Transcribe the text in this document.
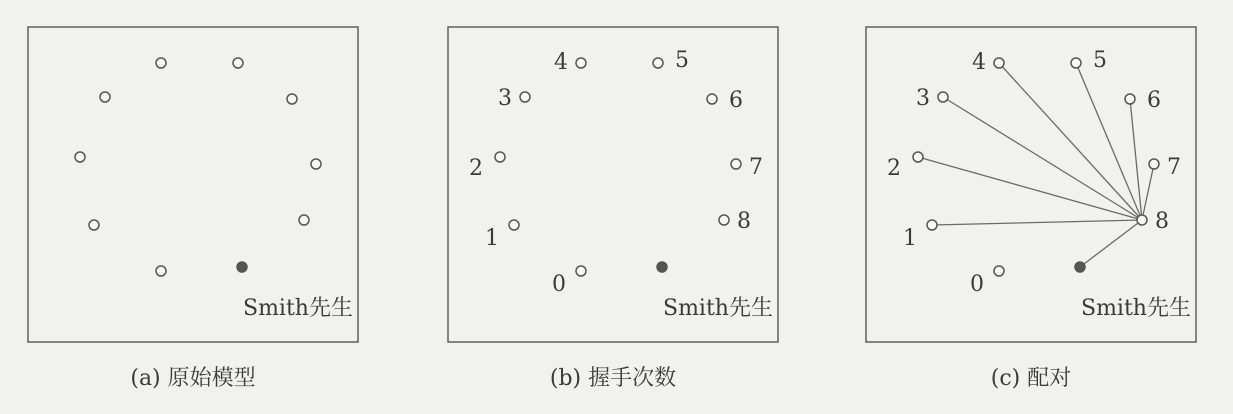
Smith先生
(a) 原始模型
0
1
2
3
4	5
6
7
8
Smith先生
(b) 握手次数
0
1
2
3
4	5
6
7
8
Smith先生
(c) 配对
